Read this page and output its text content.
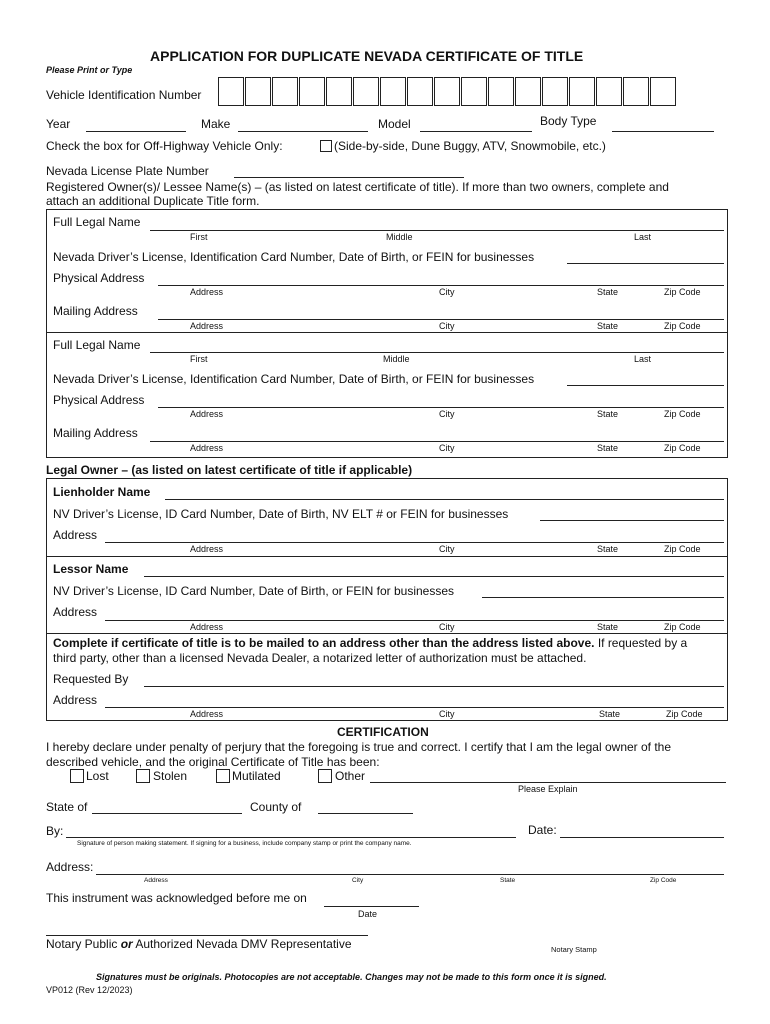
APPLICATION FOR DUPLICATE NEVADA CERTIFICATE OF TITLE
Please Print or Type
Vehicle Identification Number
Year	Make	Model	Body Type
Check the box for Off-Highway Vehicle Only:	(Side-by-side, Dune Buggy, ATV, Snowmobile, etc.)
Nevada License Plate Number
Registered Owner(s)/ Lessee Name(s) – (as listed on latest certificate of title). If more than two owners, complete and
attach an additional Duplicate Title form.
Full Legal Name
First	Middle	Last
Nevada Driver’s License, Identification Card Number, Date of Birth, or FEIN for businesses
Physical Address
Address	City	State	Zip Code
Mailing Address
Address	City	State	Zip Code
Full Legal Name
First	Middle	Last
Nevada Driver’s License, Identification Card Number, Date of Birth, or FEIN for businesses
Physical Address
Address	City	State	Zip Code
Mailing Address
Address	City	State	Zip Code
Legal Owner – (as listed on latest certificate of title if applicable)
Lienholder Name
NV Driver’s License, ID Card Number, Date of Birth, NV ELT # or FEIN for businesses
Address
Address	City	State	Zip Code
Lessor Name
NV Driver’s License, ID Card Number, Date of Birth, or FEIN for businesses
Address
Address	City	State	Zip Code
Complete if certificate of title is to be mailed to an address other than the address listed above. If requested by a
third party, other than a licensed Nevada Dealer, a notarized letter of authorization must be attached.
Requested By
Address
Address	City	State	Zip Code
CERTIFICATION
I hereby declare under penalty of perjury that the foregoing is true and correct. I certify that I am the legal owner of the
described vehicle, and the original Certificate of Title has been:
Lost	Stolen	Mutilated	Other
Please Explain
State of	County of
By:
Signature of person making statement. If signing for a business, include company stamp or print the company name.
Date:
Address:
Address	City	State	Zip Code
This instrument was acknowledged before me on
Date
Notary Public or Authorized Nevada DMV Representative	Notary Stamp
Signatures must be originals. Photocopies are not acceptable. Changes may not be made to this form once it is signed.
VP012 (Rev 12/2023)
